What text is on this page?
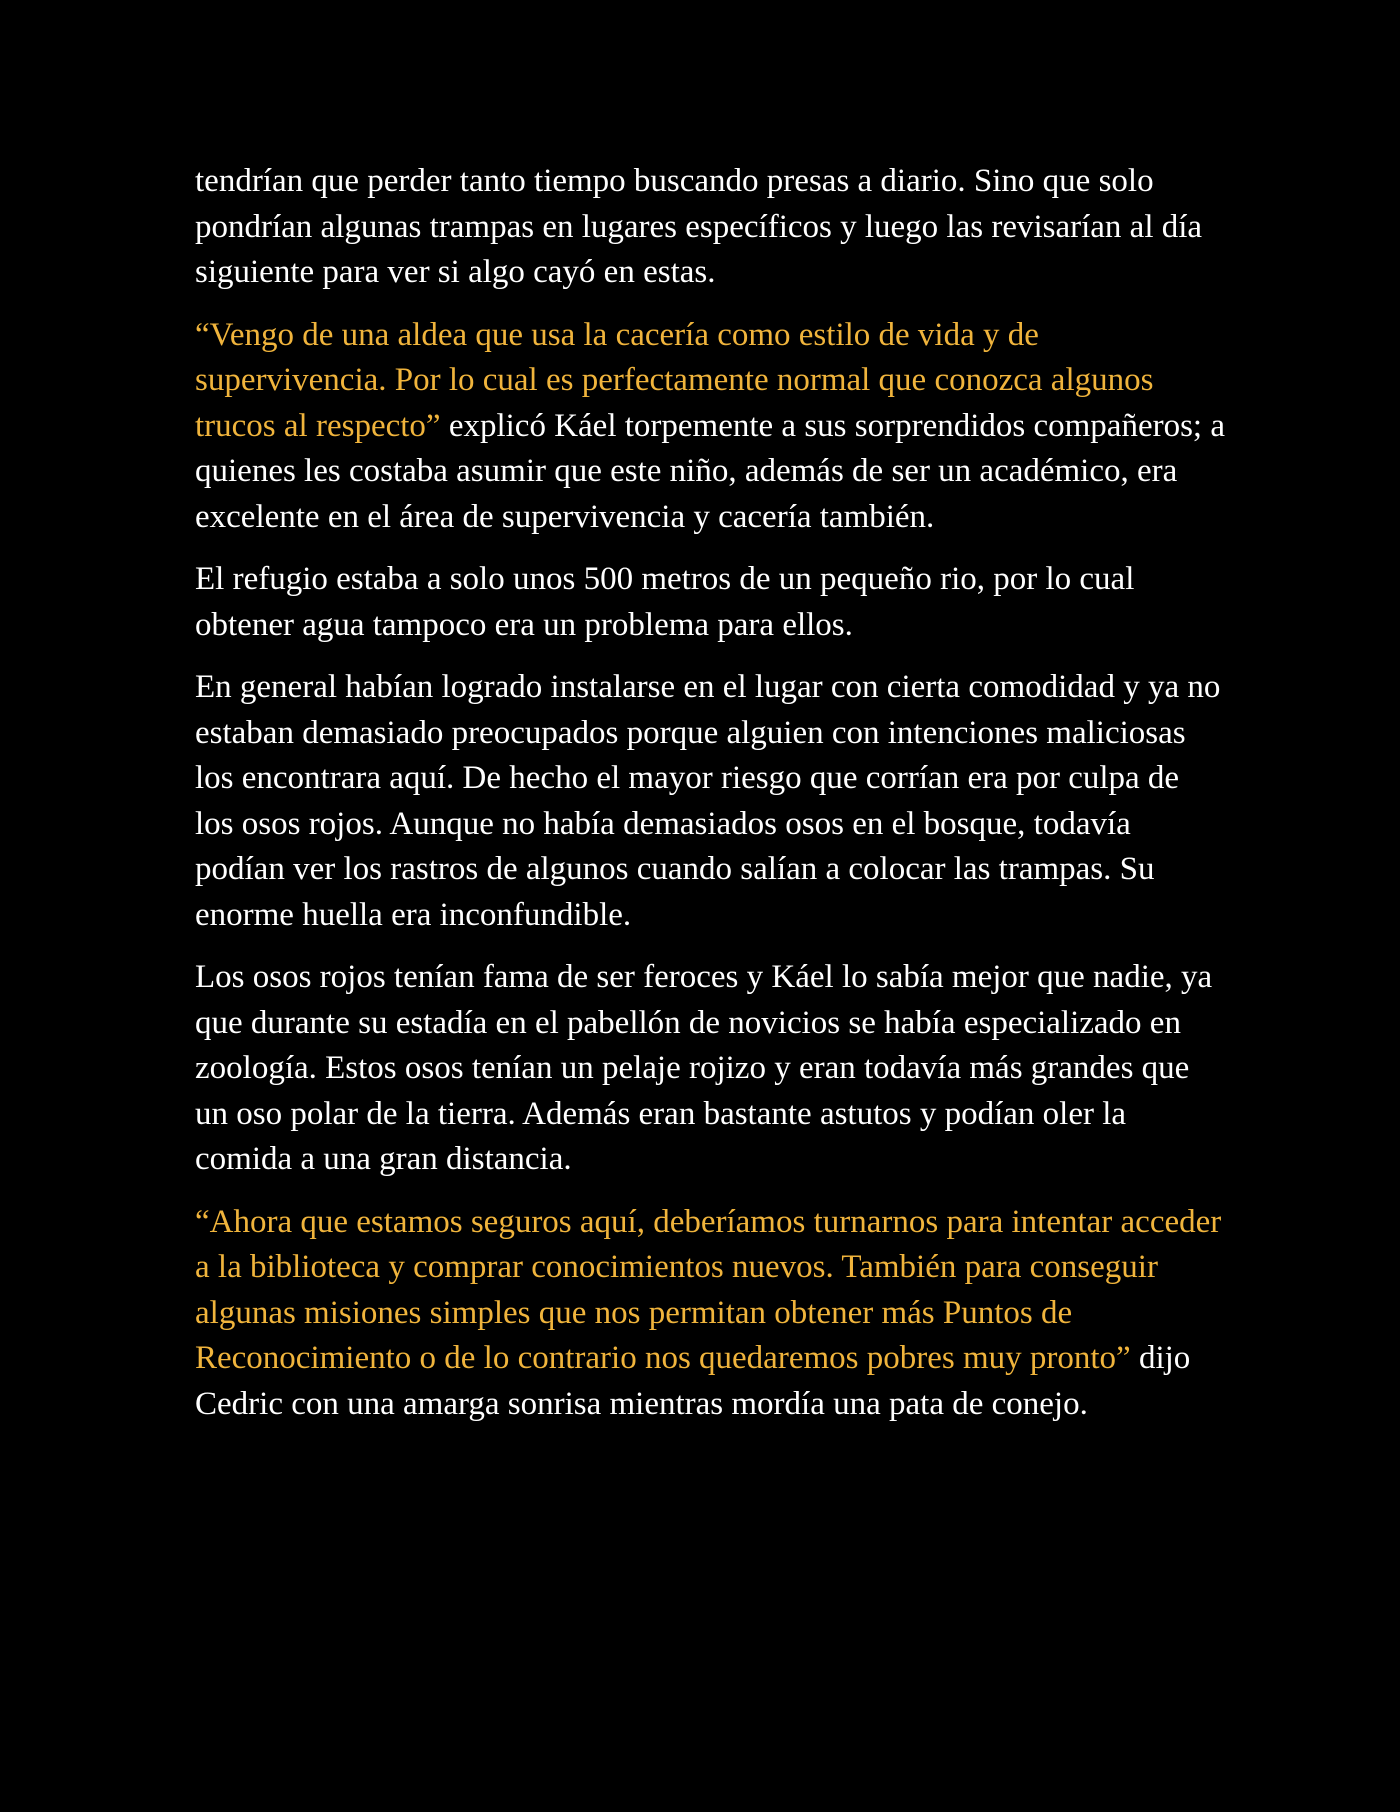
tendrían que perder tanto tiempo buscando presas a diario. Sino que solo pondrían algunas trampas en lugares específicos y luego las revisarían al día siguiente para ver si algo cayó en estas.

“Vengo de una aldea que usa la cacería como estilo de vida y de supervivencia. Por lo cual es perfectamente normal que conozca algunos trucos al respecto” explicó Káel torpemente a sus sorprendidos compañeros; a quienes les costaba asumir que este niño, además de ser un académico, era excelente en el área de supervivencia y cacería también.

El refugio estaba a solo unos 500 metros de un pequeño rio, por lo cual obtener agua tampoco era un problema para ellos.

En general habían logrado instalarse en el lugar con cierta comodidad y ya no estaban demasiado preocupados porque alguien con intenciones maliciosas los encontrara aquí. De hecho el mayor riesgo que corrían era por culpa de los osos rojos. Aunque no había demasiados osos en el bosque, todavía podían ver los rastros de algunos cuando salían a colocar las trampas. Su enorme huella era inconfundible.

Los osos rojos tenían fama de ser feroces y Káel lo sabía mejor que nadie, ya que durante su estadía en el pabellón de novicios se había especializado en zoología. Estos osos tenían un pelaje rojizo y eran todavía más grandes que un oso polar de la tierra. Además eran bastante astutos y podían oler la comida a una gran distancia.

“Ahora que estamos seguros aquí, deberíamos turnarnos para intentar acceder a la biblioteca y comprar conocimientos nuevos. También para conseguir algunas misiones simples que nos permitan obtener más Puntos de Reconocimiento o de lo contrario nos quedaremos pobres muy pronto” dijo Cedric con una amarga sonrisa mientras mordía una pata de conejo.
